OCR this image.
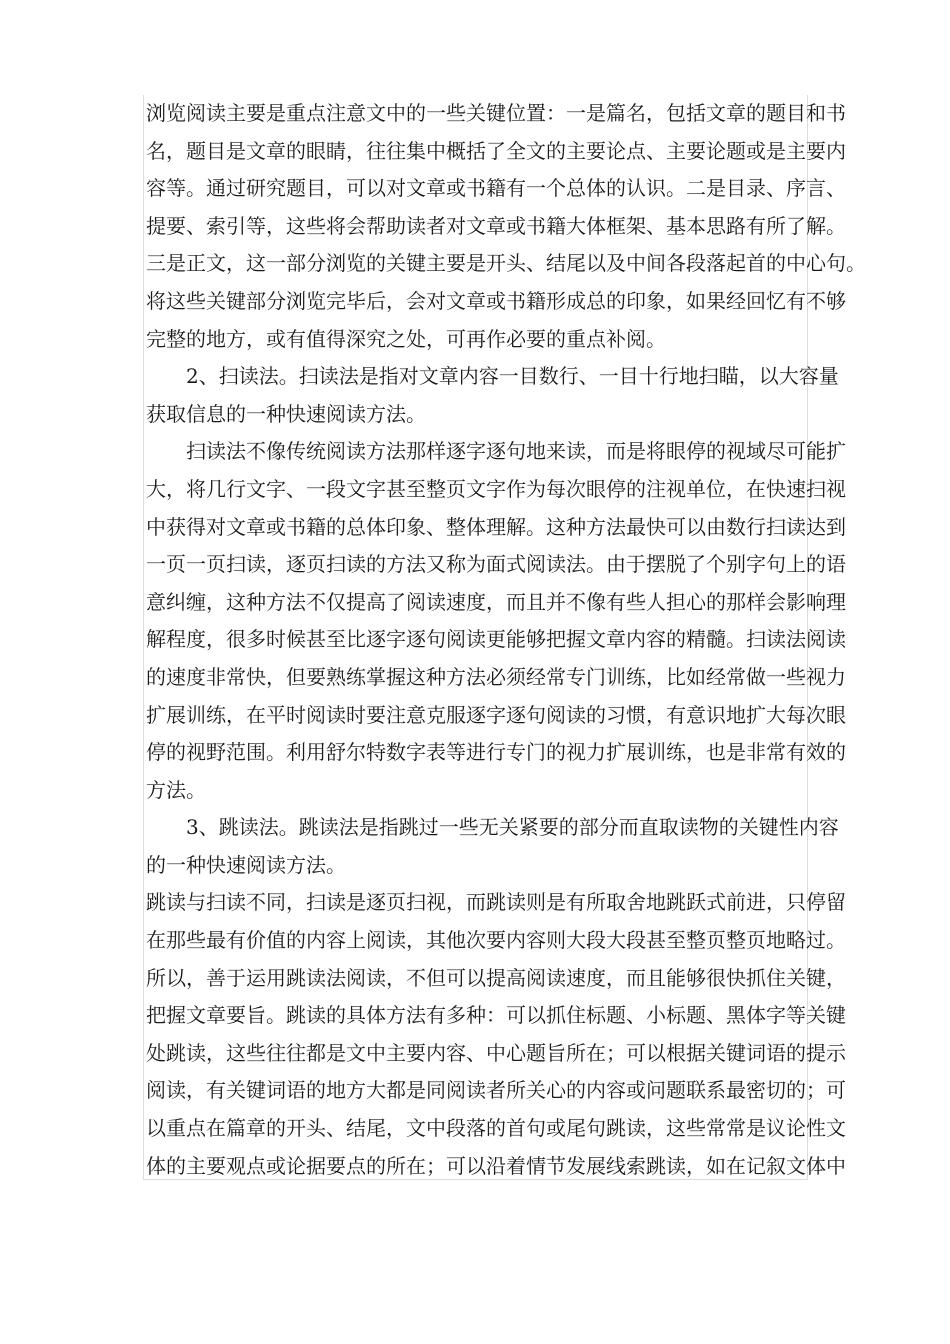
浏览阅读主要是重点注意文中的一些关键位置：一是篇名，包括文章的题目和书
名，题目是文章的眼睛，往往集中概括了全文的主要论点、主要论题或是主要内
容等。通过研究题目，可以对文章或书籍有一个总体的认识。二是目录、序言、
提要、索引等，这些将会帮助读者对文章或书籍大体框架、基本思路有所了解。
三是正文，这一部分浏览的关键主要是开头、结尾以及中间各段落起首的中心句。
将这些关键部分浏览完毕后，会对文章或书籍形成总的印象，如果经回忆有不够
完整的地方，或有值得深究之处，可再作必要的重点补阅。
2、扫读法。扫读法是指对文章内容一目数行、一目十行地扫瞄，以大容量
获取信息的一种快速阅读方法。
扫读法不像传统阅读方法那样逐字逐句地来读，而是将眼停的视域尽可能扩
大，将几行文字、一段文字甚至整页文字作为每次眼停的注视单位，在快速扫视
中获得对文章或书籍的总体印象、整体理解。这种方法最快可以由数行扫读达到
一页一页扫读，逐页扫读的方法又称为面式阅读法。由于摆脱了个别字句上的语
意纠缠，这种方法不仅提高了阅读速度，而且并不像有些人担心的那样会影响理
解程度，很多时候甚至比逐字逐句阅读更能够把握文章内容的精髓。扫读法阅读
的速度非常快，但要熟练掌握这种方法必须经常专门训练，比如经常做一些视力
扩展训练，在平时阅读时要注意克服逐字逐句阅读的习惯，有意识地扩大每次眼
停的视野范围。利用舒尔特数字表等进行专门的视力扩展训练，也是非常有效的
方法。
3、跳读法。跳读法是指跳过一些无关紧要的部分而直取读物的关键性内容
的一种快速阅读方法。
跳读与扫读不同，扫读是逐页扫视，而跳读则是有所取舍地跳跃式前进，只停留
在那些最有价值的内容上阅读，其他次要内容则大段大段甚至整页整页地略过。
所以，善于运用跳读法阅读，不但可以提高阅读速度，而且能够很快抓住关键，
把握文章要旨。跳读的具体方法有多种：可以抓住标题、小标题、黑体字等关键
处跳读，这些往往都是文中主要内容、中心题旨所在；可以根据关键词语的提示
阅读，有关键词语的地方大都是同阅读者所关心的内容或问题联系最密切的；可
以重点在篇章的开头、结尾，文中段落的首句或尾句跳读，这些常常是议论性文
体的主要观点或论据要点的所在；可以沿着情节发展线索跳读，如在记叙文体中
